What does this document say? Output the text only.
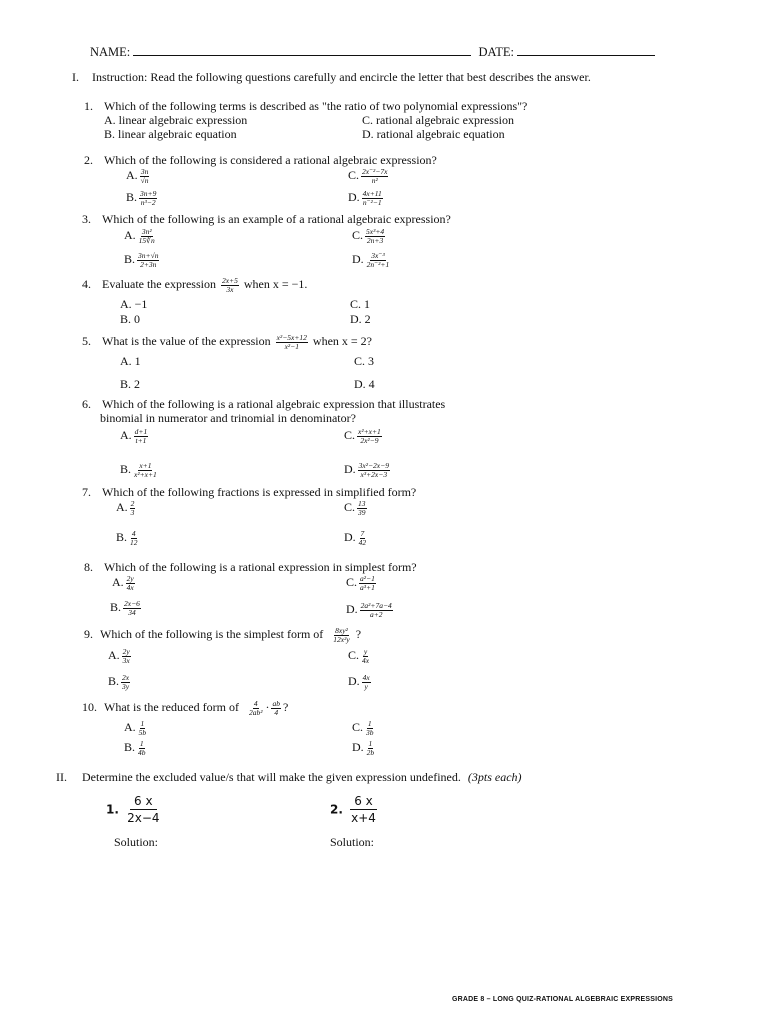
NAME:	DATE:
I. Instruction: Read the following questions carefully and encircle the letter that best describes the answer.
1. Which of the following terms is described as "the ratio of two polynomial expressions"?
A. linear algebraic expression
B. linear algebraic equation
C. rational algebraic expression
D. rational algebraic equation
2. Which of the following is considered a rational algebraic expression?
A. $\frac{3n}{√n}$
B. $\frac{3n+9}{\text{n³−2}}$
C. $\frac{\text{2x⁻²−7x}}{\text{n²}}$
D. $\frac{4x+11}{\text{n⁻²−1}}$
3. Which of the following is an example of a rational algebraic expression?
A. $\frac{\text{3n²}}{15∛n}$
B. $\frac{3n+√n}{2+3n}$
C. $\frac{\text{5x³+4}}{2n+3}$
D. $\frac{\text{3x⁻³}}{\text{2n⁻²+1}}$
4. Evaluate the expression $\frac{2x+5}{3x}$ when x = −1.
A. −1
B. 0
C. 1
D. 2
5. What is the value of the expression $\frac{\text{x²−5x+12}}{\text{x²−1}}$ when x = 2?
A. 1
B. 2
C. 3
D. 4
6. Which of the following is a rational algebraic expression that illustrates
binomial in numerator and trinomial in denominator?
A. $\frac{d+1}{t+1}$
B. $\frac{x+1}{\text{x²+x+1}}$
C. $\frac{\text{x²+x+1}}{\text{2x²−9}}$
D. $\frac{\text{3x²−2x−9}}{\text{x³+2x−3}}$
7. Which of the following fractions is expressed in simplified form?
A. $\frac{2}{3}$
B. $\frac{4}{12}$
C. $\frac{13}{39}$
D. $\frac{7}{42}$
8. Which of the following is a rational expression in simplest form?
A. $\frac{2y}{4x}$
B. $\frac{2x-6}{34}$
C. $\frac{\text{a²−1}}{\text{a³+1}}$
D. $\frac{\text{2a²+7a−4}}{a+2}$
9. Which of the following is the simplest form of $\frac{\text{8xy²}}{\text{12x²y}}$ ?
A. $\frac{2y}{3x}$
B. $\frac{2x}{3y}$
C. $\frac{y}{4x}$
D. $\frac{4x}{y}$
10. What is the reduced form of $\frac{4}{\text{2ab²}} \cdot \frac{ab}{4}$ ?
A. $\frac{1}{5b}$
B. $\frac{1}{4b}$
C. $\frac{1}{3b}$
D. $\frac{1}{2b}$
II. Determine the excluded value/s that will make the given expression undefined. (3pts each)
1. $\frac{6 x}{2x-4}$	2. $\frac{6 x}{x+4}$
Solution:	Solution:
GRADE 8 – LONG QUIZ-RATIONAL ALGEBRAIC EXPRESSIONS
